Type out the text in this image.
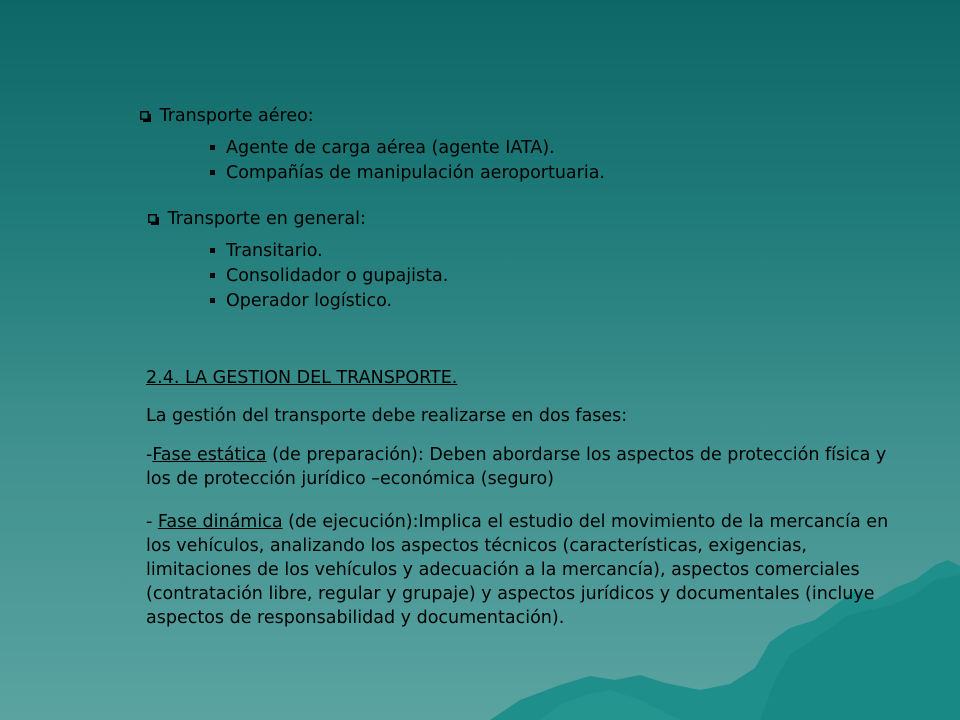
Transporte aéreo:
Agente de carga aérea (agente IATA).
Compañías de manipulación aeroportuaria.
Transporte en general:
Transitario.
Consolidador o gupajista.
Operador logístico.
2.4. LA GESTION DEL TRANSPORTE.
La gestión del transporte debe realizarse en dos fases:
-Fase estática (de preparación): Deben abordarse los aspectos de protección física y los de protección jurídico –económica (seguro)
- Fase dinámica (de ejecución):Implica el estudio del movimiento de la mercancía en los vehículos, analizando los aspectos técnicos (características, exigencias, limitaciones de los vehículos y adecuación a la mercancía), aspectos comerciales (contratación libre, regular y grupaje) y aspectos jurídicos y documentales (incluye aspectos de responsabilidad y documentación).
